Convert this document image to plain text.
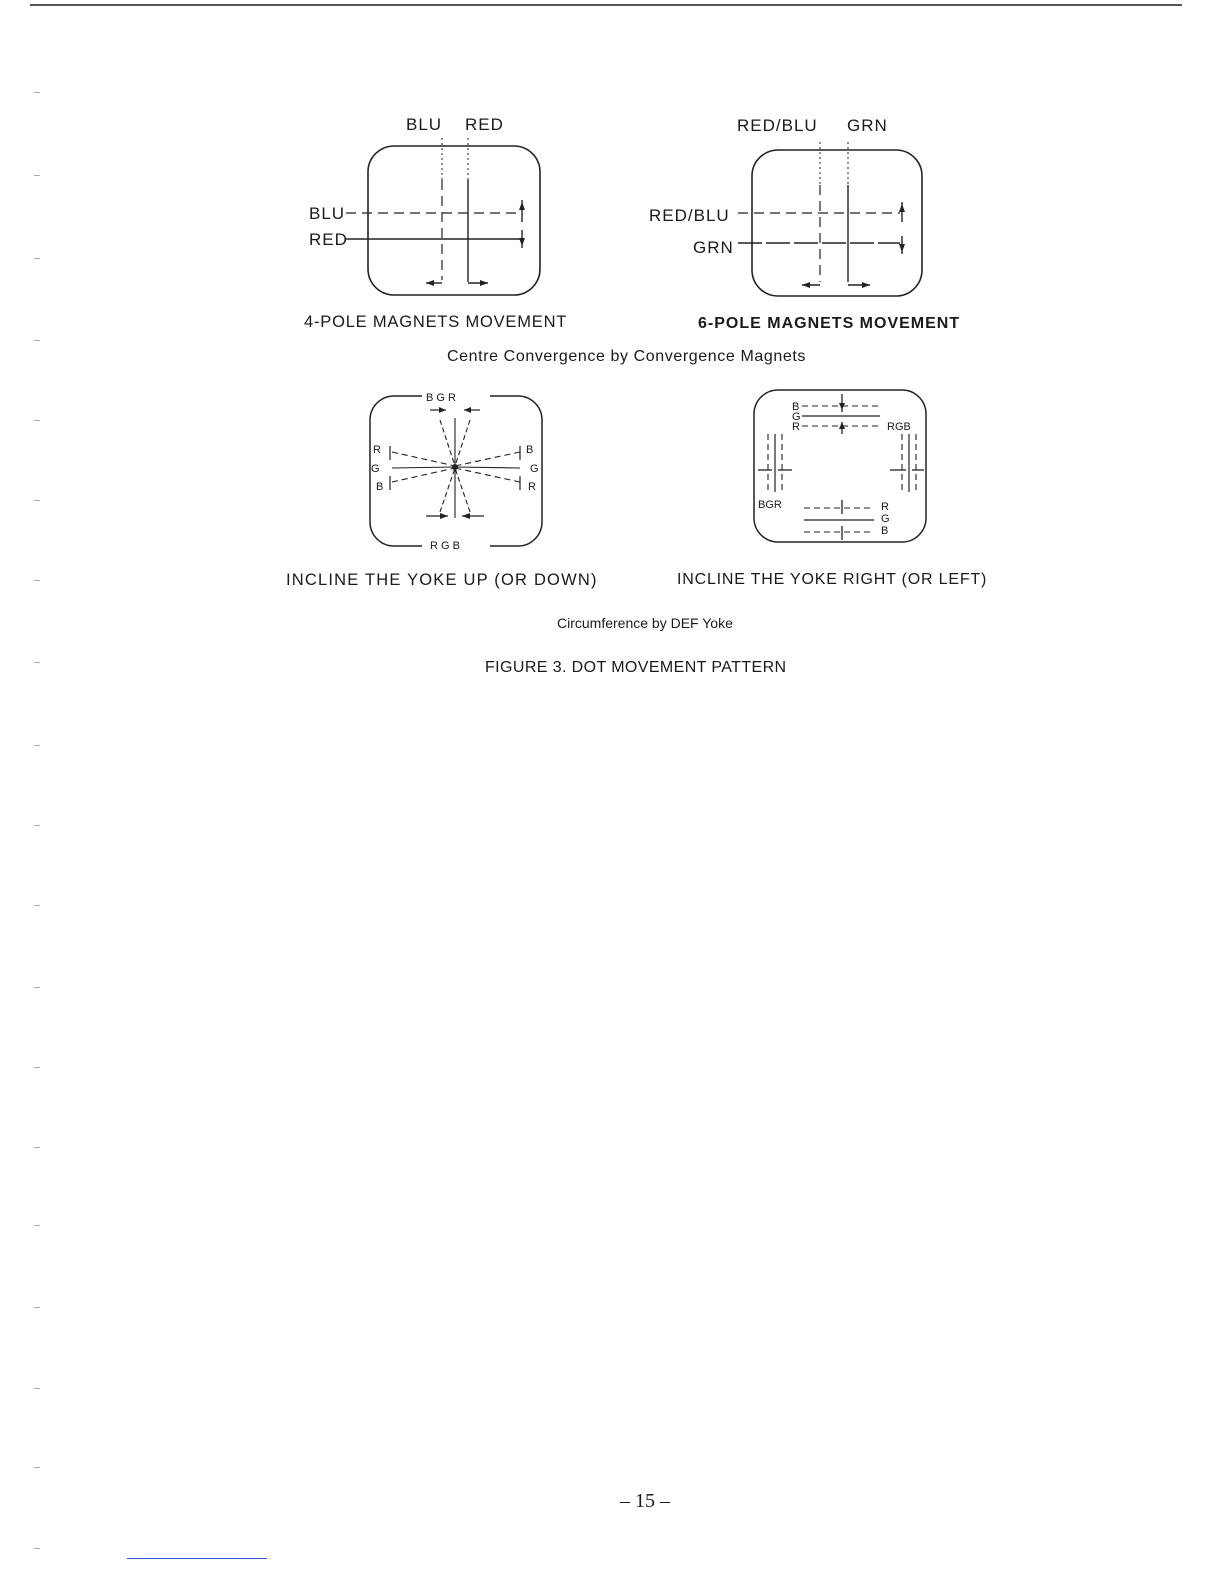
BLU RED
BLU
RED
4-POLE MAGNETS MOVEMENT
RED/BLU GRN
RED/BLU
GRN
6-POLE MAGNETS MOVEMENT
Centre Convergence by Convergence Magnets
B G R
R G B
R
G
B
B
G
R
INCLINE THE YOKE UP (OR DOWN)
B
G
R	RGB
BGR	R
G
B
INCLINE THE YOKE RIGHT (OR LEFT)
Circumference by DEF Yoke
FIGURE 3. DOT MOVEMENT PATTERN
– 15 –
